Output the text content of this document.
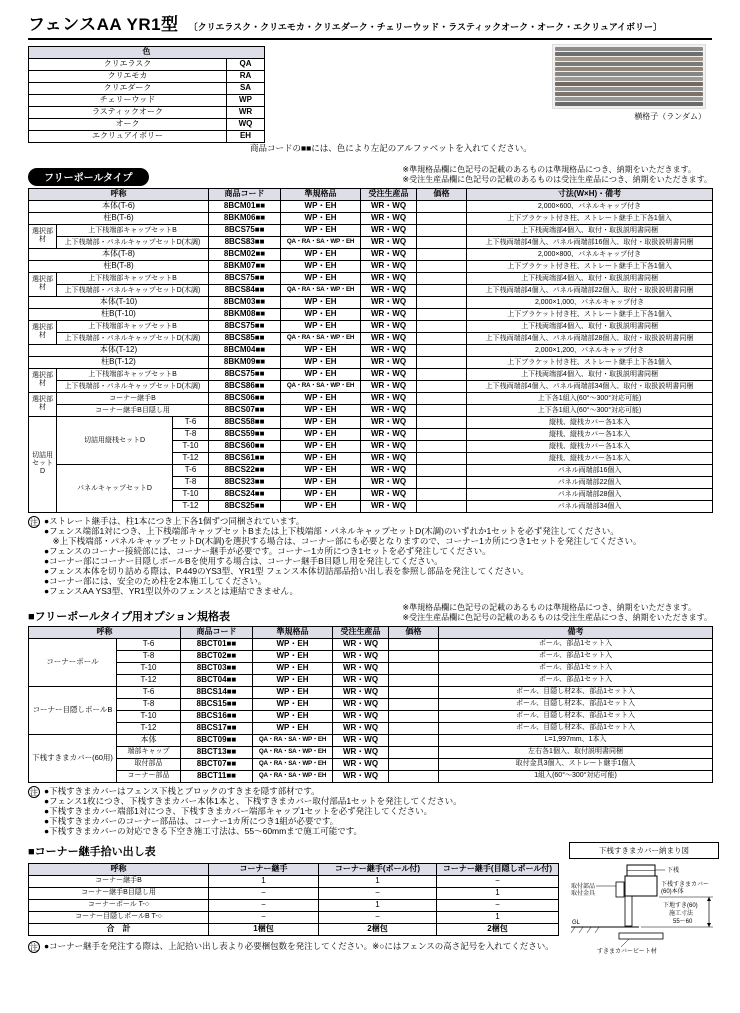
フェンスAA YR1型 〔クリエラスク・クリエモカ・クリエダーク・チェリーウッド・ラスティックオーク・オーク・エクリュアイボリー〕
色	
クリエラスク	QA
クリエモカ	RA
クリエダーク	SA
チェリーウッド	WP
ラスティックオーク	WR
オーク	WQ
エクリュアイボリー	EH
商品コードの■■には、色により左記のアルファベットを入れてください。
横格子（ランダム）
フリーポールタイプ
※準規格品欄に色記号の記載のあるものは準規格品につき、納期をいただきます。
※受注生産品欄に色記号の記載のあるものは受注生産品につき、納期をいただきます。
呼称			商品コード	準規格品	受注生産品	価格	寸法(W×H)・備考
本体(T-6)			8BCM01■■	WP・EH	WR・WQ		2,000×600、パネルキャップ付き
柱B(T-6)			8BKM06■■	WP・EH	WR・WQ		上下ブラケット付き柱、ストレート継手上下各1個入
選択部材	上下桟端部キャップセットB		8BCS75■■	WP・EH	WR・WQ		上下桟両端部4個入、取付・取扱説明書同梱
	上下桟端部・パネルキャップセットD(木調)		8BCS83■■	QA・RA・SA・WP・EH	WR・WQ		上下桟両端部4個入、パネル両端部16個入、取付・取扱説明書同梱
本体(T-8)			8BCM02■■	WP・EH	WR・WQ		2,000×800、パネルキャップ付き
柱B(T-8)			8BKM07■■	WP・EH	WR・WQ		上下ブラケット付き柱、ストレート継手上下各1個入
選択部材	上下桟端部キャップセットB		8BCS75■■	WP・EH	WR・WQ		上下桟両端部4個入、取付・取扱説明書同梱
	上下桟端部・パネルキャップセットD(木調)		8BCS84■■	QA・RA・SA・WP・EH	WR・WQ		上下桟両端部4個入、パネル両端部22個入、取付・取扱説明書同梱
本体(T-10)			8BCM03■■	WP・EH	WR・WQ		2,000×1,000、パネルキャップ付き
柱B(T-10)			8BKM08■■	WP・EH	WR・WQ		上下ブラケット付き柱、ストレート継手上下各1個入
選択部材	上下桟端部キャップセットB		8BCS75■■	WP・EH	WR・WQ		上下桟両端部4個入、取付・取扱説明書同梱
	上下桟端部・パネルキャップセットD(木調)		8BCS85■■	QA・RA・SA・WP・EH	WR・WQ		上下桟両端部4個入、パネル両端部28個入、取付・取扱説明書同梱
本体(T-12)			8BCM04■■	WP・EH	WR・WQ		2,000×1,200、パネルキャップ付き
柱B(T-12)			8BKM09■■	WP・EH	WR・WQ		上下ブラケット付き柱、ストレート継手上下各1個入
選択部材	上下桟端部キャップセットB		8BCS75■■	WP・EH	WR・WQ		上下桟両端部4個入、取付・取扱説明書同梱
	上下桟端部・パネルキャップセットD(木調)		8BCS86■■	QA・RA・SA・WP・EH	WR・WQ		上下桟両端部4個入、パネル両端部34個入、取付・取扱説明書同梱
選択部材	コーナー継手B		8BCS06■■	WP・EH	WR・WQ		上下各1組入(60°〜300°対応可能)
	コーナー継手B目隠し用		8BCS07■■	WP・EH	WR・WQ		上下各1組入(60°〜300°対応可能)
切詰用セットD	切詰用縦桟セットD	T-6	8BCS58■■	WP・EH	WR・WQ		縦桟、縦桟カバー各1本入
		T-8	8BCS59■■	WP・EH	WR・WQ		縦桟、縦桟カバー各1本入
		T-10	8BCS60■■	WP・EH	WR・WQ		縦桟、縦桟カバー各1本入
		T-12	8BCS61■■	WP・EH	WR・WQ		縦桟、縦桟カバー各1本入
	パネルキャップセットD	T-6	8BCS22■■	WP・EH	WR・WQ		パネル両端部16個入
		T-8	8BCS23■■	WP・EH	WR・WQ		パネル両端部22個入
		T-10	8BCS24■■	WP・EH	WR・WQ		パネル両端部28個入
		T-12	8BCS25■■	WP・EH	WR・WQ		パネル両端部34個入
注 ●ストレート継手は、柱1本につき上下各1個ずつ同梱されています。
●フェンス端部1対につき、上下桟端部キャップセットBまたは上下桟端部・パネルキャップセットD(木調)のいずれか1セットを必ず発注してください。
　※上下桟端部・パネルキャップセットD(木調)を選択する場合は、コーナー部にも必要となりますので、コーナー1カ所につき1セットを発注してください。
●フェンスのコーナー接続部には、コーナー継手が必要です。コーナー1カ所につき1セットを必ず発注してください。
●コーナー部にコーナー目隠しポールBを使用する場合は、コーナー継手B目隠し用を発注してください。
●フェンス本体を切り詰める際は、P.449のYS3型、YR1型 フェンス本体切詰部品拾い出し表を参照し部品を発注してください。
●コーナー部には、安全のため柱を2本施工してください。
●フェンスAA YS3型、YR1型以外のフェンスとは連結できません。
■フリーポールタイプ用オプション規格表
※準規格品欄に色記号の記載のあるものは準規格品につき、納期をいただきます。
※受注生産品欄に色記号の記載のあるものは受注生産品につき、納期をいただきます。
呼称		商品コード	準規格品	受注生産品	価格	備考
コーナーポール	T-6	8BCT01■■	WP・EH	WR・WQ		ポール、部品1セット入
	T-8	8BCT02■■	WP・EH	WR・WQ		ポール、部品1セット入
	T-10	8BCT03■■	WP・EH	WR・WQ		ポール、部品1セット入
	T-12	8BCT04■■	WP・EH	WR・WQ		ポール、部品1セット入
コーナー目隠しポールB	T-6	8BCS14■■	WP・EH	WR・WQ		ポール、目隠し材2本、部品1セット入
	T-8	8BCS15■■	WP・EH	WR・WQ		ポール、目隠し材2本、部品1セット入
	T-10	8BCS16■■	WP・EH	WR・WQ		ポール、目隠し材2本、部品1セット入
	T-12	8BCS17■■	WP・EH	WR・WQ		ポール、目隠し材2本、部品1セット入
下桟すきまカバー(60用)	本体	8BCT09■■	QA・RA・SA・WP・EH	WR・WQ		L=1,997mm、1本入
	端部キャップ	8BCT13■■	QA・RA・SA・WP・EH	WR・WQ		左右各1個入、取付説明書同梱
	取付部品	8BCT07■■	QA・RA・SA・WP・EH	WR・WQ		取付金具3個入、ストレート継手1個入
	コーナー部品	8BCT11■■	QA・RA・SA・WP・EH	WR・WQ		1組入(60°〜300°対応可能)
注 ●下桟すきまカバーはフェンス下桟とブロックのすきまを隠す部材です。
●フェンス1枚につき、下桟すきまカバー本体1本と、下桟すきまカバー取付部品1セットを発注してください。
●下桟すきまカバー端部1対につき、下桟すきまカバー端部キャップ1セットを必ず発注してください。
●下桟すきまカバーのコーナー部品は、コーナー1カ所につき1組が必要です。
●下桟すきまカバーの対応できる下空き施工寸法は、55〜60mmまで施工可能です。
■コーナー継手拾い出し表
呼称	コーナー継手	コーナー継手(ポール付)	コーナー継手(目隠しポール付)
コーナー継手B	1	1	−
コーナー継手B目隠し用	−	−	1
コーナーポール T-○	−	1	−
コーナー目隠しポールB T-○	−	−	1
合　計	1梱包	2梱包	2梱包
注 ●コーナー継手を発注する際は、上記拾い出し表より必要梱包数を発注してください。※○にはフェンスの高さ記号を入れてください。
下桟すきまカバー納まり図
下桟
下桟すきまカバー
(60)本体
取付部品
取付金具
GL
下地すき(60)
施工寸法
55〜60
すきまカバービート材
